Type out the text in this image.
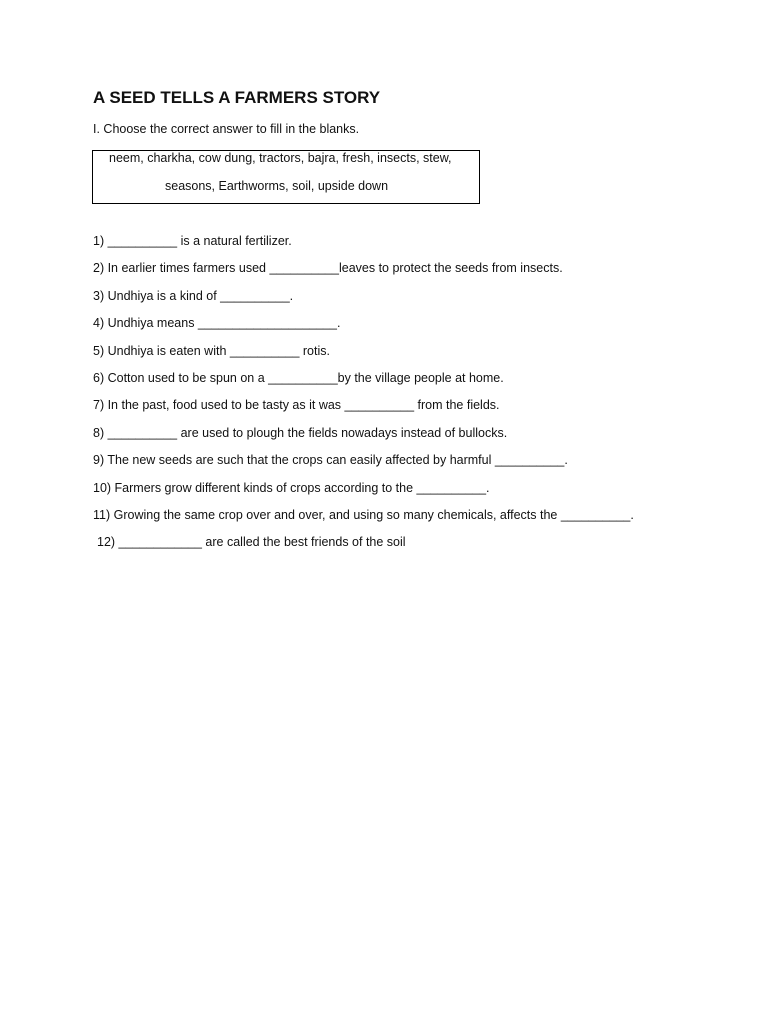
A SEED TELLS A FARMERS STORY
I. Choose the correct answer to fill in the blanks.
neem, charkha, cow dung, tractors, bajra, fresh, insects, stew,
seasons, Earthworms, soil, upside down
1) __________ is a natural fertilizer.
2) In earlier times farmers used __________leaves to protect the seeds from insects.
3) Undhiya is a kind of __________.
4) Undhiya means ____________________.
5) Undhiya is eaten with __________ rotis.
6) Cotton used to be spun on a __________by the village people at home.
7) In the past, food used to be tasty as it was __________ from the fields.
8) __________ are used to plough the fields nowadays instead of bullocks.
9) The new seeds are such that the crops can easily affected by harmful __________.
10) Farmers grow different kinds of crops according to the __________.
11) Growing the same crop over and over, and using so many chemicals, affects the __________.
12) ____________ are called the best friends of the soil
